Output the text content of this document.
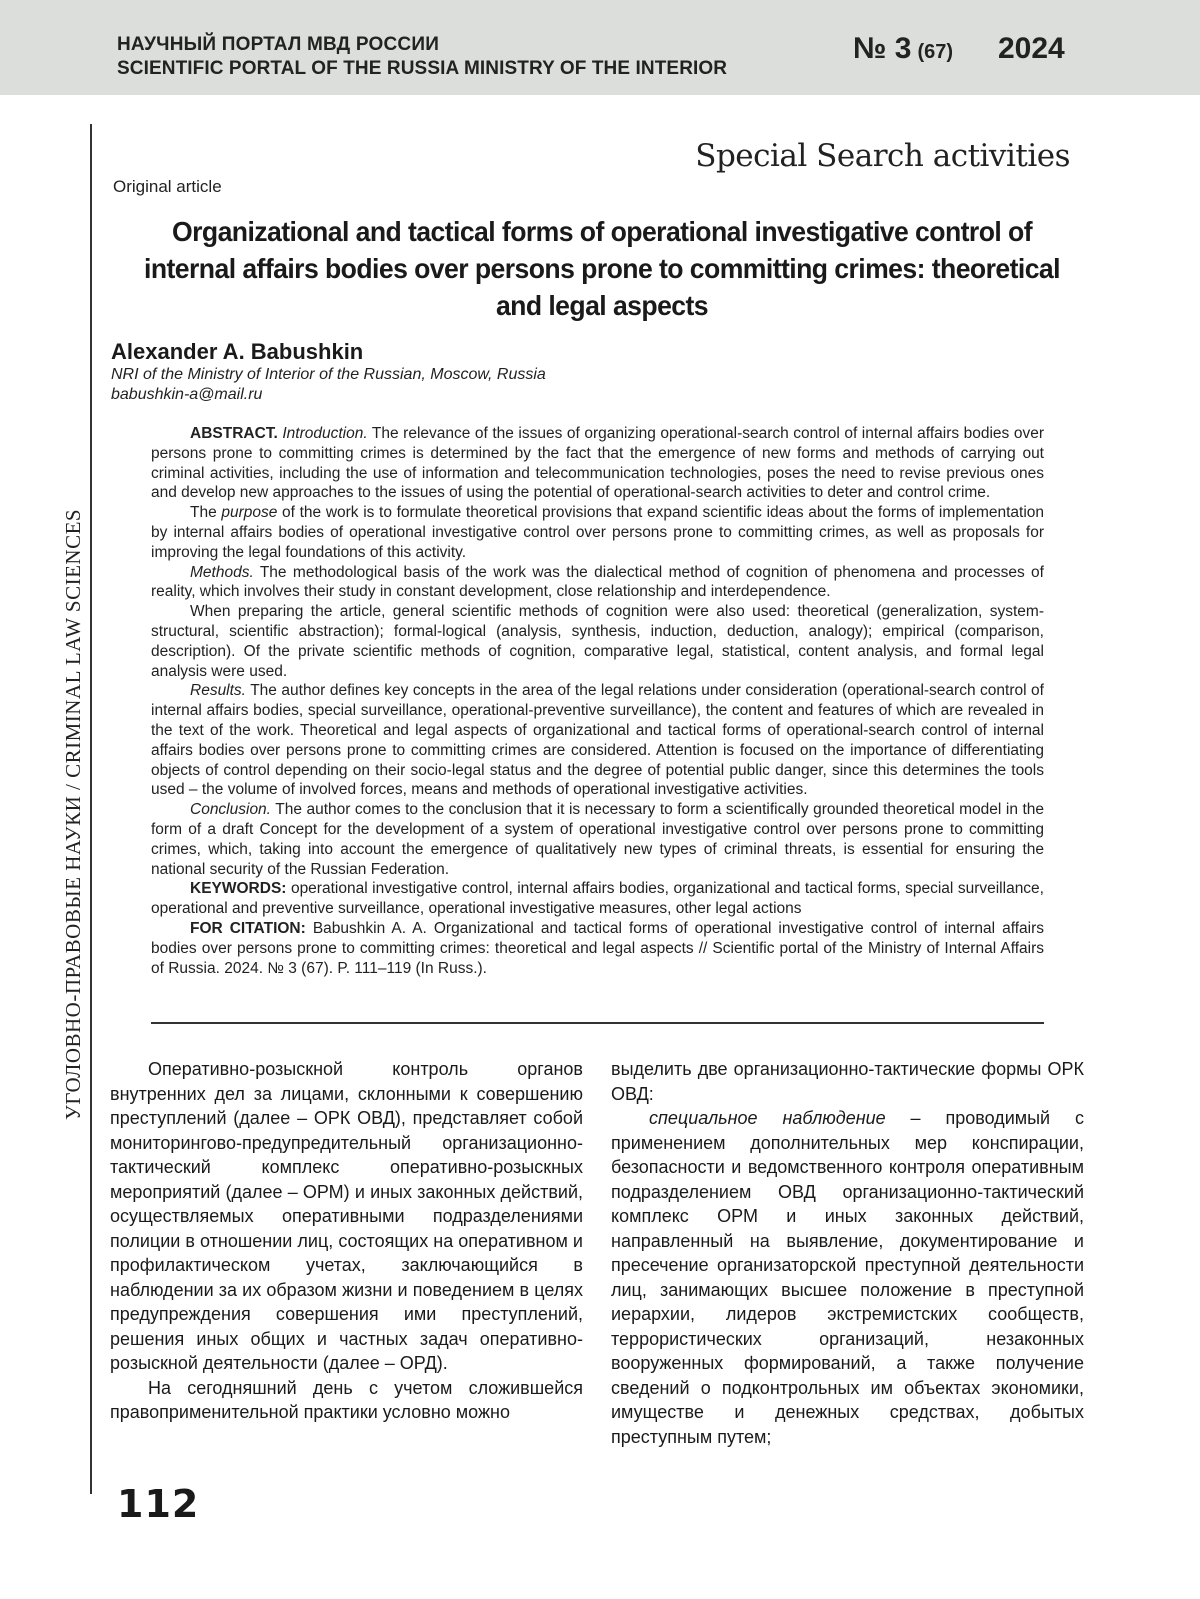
НАУЧНЫЙ ПОРТАЛ МВД РОССИИ
SCIENTIFIC PORTAL OF THE RUSSIA MINISTRY OF THE INTERIOR
№ 3 (67) 2024
УГОЛОВНО-ПРАВОВЫЕ НАУКИ / CRIMINAL LAW SCIENCES
Special Search activities
Original article
Organizational and tactical forms of operational investigative control of internal affairs bodies over persons prone to committing crimes: theoretical and legal aspects
Alexander A. Babushkin
NRI of the Ministry of Interior of the Russian, Moscow, Russia
babushkin-a@mail.ru

ABSTRACT. Introduction. The relevance of the issues of organizing operational-search control of internal affairs bodies over persons prone to committing crimes is determined by the fact that the emergence of new forms and methods of carrying out criminal activities, including the use of information and telecommunication technologies, poses the need to revise previous ones and develop new approaches to the issues of using the potential of operational-search activities to deter and control crime.

The purpose of the work is to formulate theoretical provisions that expand scientific ideas about the forms of implementation by internal affairs bodies of operational investigative control over persons prone to committing crimes, as well as proposals for improving the legal foundations of this activity.

Methods. The methodological basis of the work was the dialectical method of cognition of phenomena and processes of reality, which involves their study in constant development, close relationship and interdependence.

When preparing the article, general scientific methods of cognition were also used: theoretical (generalization, system-structural, scientific abstraction); formal-logical (analysis, synthesis, induction, deduction, analogy); empirical (comparison, description). Of the private scientific methods of cognition, comparative legal, statistical, content analysis, and formal legal analysis were used.

Results. The author defines key concepts in the area of the legal relations under consideration (operational-search control of internal affairs bodies, special surveillance, operational-preventive surveillance), the content and features of which are revealed in the text of the work. Theoretical and legal aspects of organizational and tactical forms of operational-search control of internal affairs bodies over persons prone to committing crimes are considered. Attention is focused on the importance of differentiating objects of control depending on their socio-legal status and the degree of potential public danger, since this determines the tools used – the volume of involved forces, means and methods of operational investigative activities.

Conclusion. The author comes to the conclusion that it is necessary to form a scientifically grounded theoretical model in the form of a draft Concept for the development of a system of operational investigative control over persons prone to committing crimes, which, taking into account the emergence of qualitatively new types of criminal threats, is essential for ensuring the national security of the Russian Federation.

KEYWORDS: operational investigative control, internal affairs bodies, organizational and tactical forms, special surveillance, operational and preventive surveillance, operational investigative measures, other legal actions

FOR CITATION: Babushkin A. A. Organizational and tactical forms of operational investigative control of internal affairs bodies over persons prone to committing crimes: theoretical and legal aspects // Scientific portal of the Ministry of Internal Affairs of Russia. 2024. № 3 (67). P. 111–119 (In Russ.).

Оперативно-розыскной контроль органов внутренних дел за лицами, склонными к совершению преступлений (далее – ОРК ОВД), представляет собой мониторингово-предупредительный организационно-тактический комплекс оперативно-розыскных мероприятий (далее – ОРМ) и иных законных действий, осуществляемых оперативными подразделениями полиции в отношении лиц, состоящих на оперативном и профилактическом учетах, заключающийся в наблюдении за их образом жизни и поведением в целях предупреждения совершения ими преступлений, решения иных общих и частных задач оперативно-розыскной деятельности (далее – ОРД).

На сегодняшний день с учетом сложившейся правоприменительной практики условно можно

выделить две организационно-тактические формы ОРК ОВД:

специальное наблюдение – проводимый с применением дополнительных мер конспирации, безопасности и ведомственного контроля оперативным подразделением ОВД организационно-тактический комплекс ОРМ и иных законных действий, направленный на выявление, документирование и пресечение организаторской преступной деятельности лиц, занимающих высшее положение в преступной иерархии, лидеров экстремистских сообществ, террористических организаций, незаконных вооруженных формирований, а также получение сведений о подконтрольных им объектах экономики, имуществе и денежных средствах, добытых преступным путем;

112
